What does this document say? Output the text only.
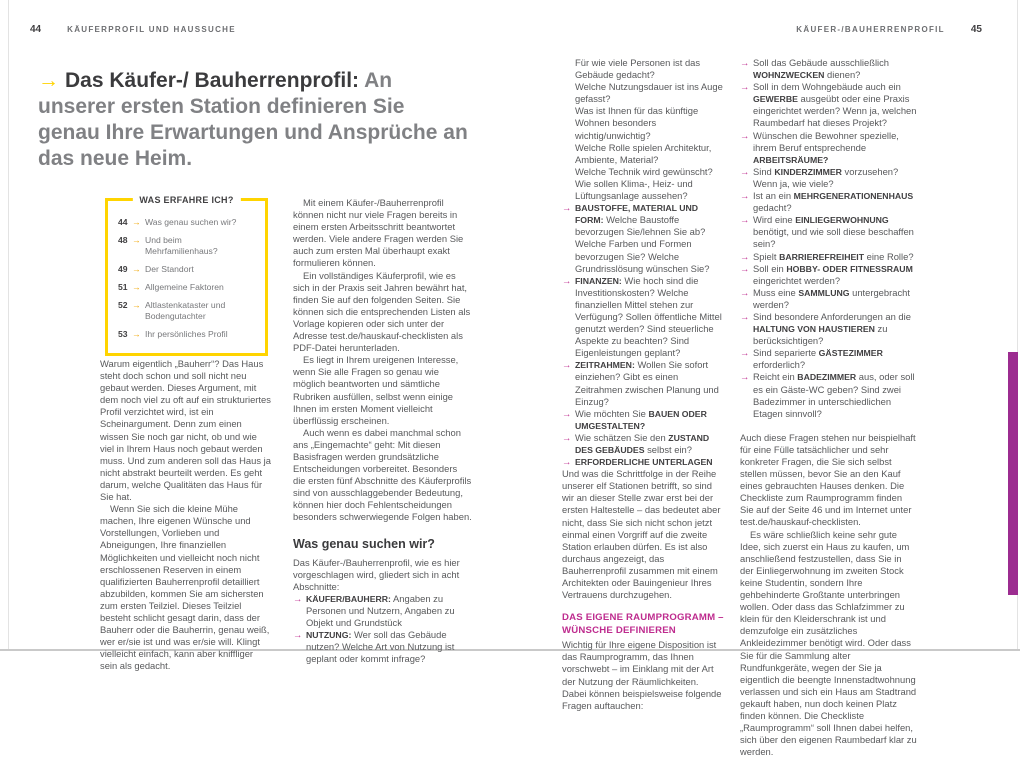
44	KÄUFERPROFIL UND HAUSSUCHE	KÄUFER-/BAUHERRENPROFIL	45
→ Das Käufer-/ Bauherrenprofil: An unserer ersten Station definieren Sie genau Ihre Erwartungen und Ansprüche an das neue Heim.
WAS ERFAHRE ICH?
44 → Was genau suchen wir?
48 → Und beim Mehrfamilienhaus?
49 → Der Standort
51 → Allgemeine Faktoren
52 → Altlastenkataster und Bodengutachter
53 → Ihr persönliches Profil

Warum eigentlich „Bauherr“? Das Haus steht doch schon und soll nicht neu gebaut werden. Dieses Argument, mit dem noch viel zu oft auf ein strukturiertes Profil verzichtet wird, ist ein Scheinargument. Denn zum einen wissen Sie noch gar nicht, ob und wie viel in Ihrem Haus noch gebaut werden muss. Und zum anderen soll das Haus ja nicht abstrakt beurteilt werden. Es geht darum, welche Qualitäten das Haus für Sie hat.

Wenn Sie sich die kleine Mühe machen, Ihre eigenen Wünsche und Vorstellungen, Vorlieben und Abneigungen, Ihre finanziellen Möglichkeiten und vielleicht noch nicht erschlossenen Reserven in einem qualifizierten Bauherrenprofil detailliert abzubilden, kommen Sie am sichersten zum ersten Teilziel. Dieses Teilziel besteht schlicht gesagt darin, dass der Bauherr oder die Bauherrin, genau weiß, wer er/sie ist und was er/sie will. Klingt vielleicht einfach, kann aber kniffliger sein als gedacht.

Mit einem Käufer-/Bauherrenprofil können nicht nur viele Fragen bereits in einem ersten Arbeitsschritt beantwortet werden. Viele andere Fragen werden Sie auch zum ersten Mal überhaupt exakt formulieren können.

Ein vollständiges Käuferprofil, wie es sich in der Praxis seit Jahren bewährt hat, finden Sie auf den folgenden Seiten. Sie können sich die entsprechenden Listen als Vorlage kopieren oder sich unter der Adresse test.de/hauskauf-checklisten als PDF-Datei herunterladen.

Es liegt in Ihrem ureigenen Interesse, wenn Sie alle Fragen so genau wie möglich beantworten und sämtliche Rubriken ausfüllen, selbst wenn einige Ihnen im ersten Moment vielleicht überflüssig erscheinen.

Auch wenn es dabei manchmal schon ans „Eingemachte“ geht: Mit diesen Basisfragen werden grundsätzliche Entscheidungen vorbereitet. Besonders die ersten fünf Abschnitte des Käuferprofils sind von ausschlaggebender Bedeutung, können hier doch Fehlentscheidungen besonders schwerwiegende Folgen haben.

Was genau suchen wir?

Das Käufer-/Bauherrenprofil, wie es hier vorgeschlagen wird, gliedert sich in acht Abschnitte:

→ KÄUFER/BAUHERR: Angaben zu Personen und Nutzern, Angaben zu Objekt und Grundstück
→ NUTZUNG: Wer soll das Gebäude nutzen? Welche Art von Nutzung ist geplant oder kommt infrage?
Für wie viele Personen ist das Gebäude gedacht?
Welche Nutzungsdauer ist ins Auge gefasst?
Was ist Ihnen für das künftige Wohnen besonders wichtig/unwichtig?
Welche Rolle spielen Architektur, Ambiente, Material?
Welche Technik wird gewünscht?
Wie sollen Klima-, Heiz- und Lüftungsanlage aussehen?
→ BAUSTOFFE, MATERIAL UND FORM: Welche Baustoffe bevorzugen Sie/lehnen Sie ab? Welche Farben und Formen bevorzugen Sie? Welche Grundrisslösung wünschen Sie?
→ FINANZEN: Wie hoch sind die Investitionskosten? Welche finanziellen Mittel stehen zur Verfügung? Sollen öffentliche Mittel genutzt werden? Sind steuerliche Aspekte zu beachten? Sind Eigenleistungen geplant?
→ ZEITRAHMEN: Wollen Sie sofort einziehen? Gibt es einen Zeitrahmen zwischen Planung und Einzug?
→ Wie möchten Sie BAUEN ODER UMGESTALTEN?
→ Wie schätzen Sie den ZUSTAND DES GEBÄUDES selbst ein?
→ ERFORDERLICHE UNTERLAGEN

Und was die Schrittfolge in der Reihe unserer elf Stationen betrifft, so sind wir an dieser Stelle zwar erst bei der ersten Haltestelle – das bedeutet aber nicht, dass Sie sich nicht schon jetzt einmal einen Vorgriff auf die zweite Station erlauben dürfen. Es ist also durchaus angezeigt, das Bauherrenprofil zusammen mit einem Architekten oder Bauingenieur Ihres Vertrauens durchzugehen.

DAS EIGENE RAUMPROGRAMM – WÜNSCHE DEFINIEREN

Wichtig für Ihre eigene Disposition ist das Raumprogramm, das Ihnen vorschwebt – im Einklang mit der Art der Nutzung der Räumlichkeiten. Dabei können beispielsweise folgende Fragen auftauchen:

→ Soll das Gebäude ausschließlich WOHNZWECKEN dienen?
→ Soll in dem Wohngebäude auch ein GEWERBE ausgeübt oder eine Praxis eingerichtet werden? Wenn ja, welchen Raumbedarf hat dieses Projekt?
→ Wünschen die Bewohner spezielle, ihrem Beruf entsprechende ARBEITSRÄUME?
→ Sind KINDERZIMMER vorzusehen? Wenn ja, wie viele?
→ Ist an ein MEHRGENERATIONENHAUS gedacht?
→ Wird eine EINLIEGERWOHNUNG benötigt, und wie soll diese beschaffen sein?
→ Spielt BARRIEREFREIHEIT eine Rolle?
→ Soll ein HOBBY- ODER FITNESSRAUM eingerichtet werden?
→ Muss eine SAMMLUNG untergebracht werden?
→ Sind besondere Anforderungen an die HALTUNG VON HAUSTIEREN zu berücksichtigen?
→ Sind separierte GÄSTEZIMMER erforderlich?
→ Reicht ein BADEZIMMER aus, oder soll es ein Gäste-WC geben? Sind zwei Badezimmer in unterschiedlichen Etagen sinnvoll?

Auch diese Fragen stehen nur beispielhaft für eine Fülle tatsächlicher und sehr konkreter Fragen, die Sie sich selbst stellen müssen, bevor Sie an den Kauf eines gebrauchten Hauses denken. Die Checkliste zum Raumprogramm finden Sie auf der Seite 46 und im Internet unter test.de/hauskauf-checklisten.

Es wäre schließlich keine sehr gute Idee, sich zuerst ein Haus zu kaufen, um anschließend festzustellen, dass Sie in der Einliegerwohnung im zweiten Stock keine Studentin, sondern Ihre gehbehinderte Großtante unterbringen wollen. Oder dass das Schlafzimmer zu klein für den Kleiderschrank ist und demzufolge ein zusätzliches Ankleidezimmer benötigt wird. Oder dass Sie für die Sammlung alter Rundfunkgeräte, wegen der Sie ja eigentlich die beengte Innenstadtwohnung verlassen und sich ein Haus am Stadtrand gekauft haben, nun doch keinen Platz finden können. Die Checkliste „Raumprogramm“ soll Ihnen dabei helfen, sich über den eigenen Raumbedarf klar zu werden.
